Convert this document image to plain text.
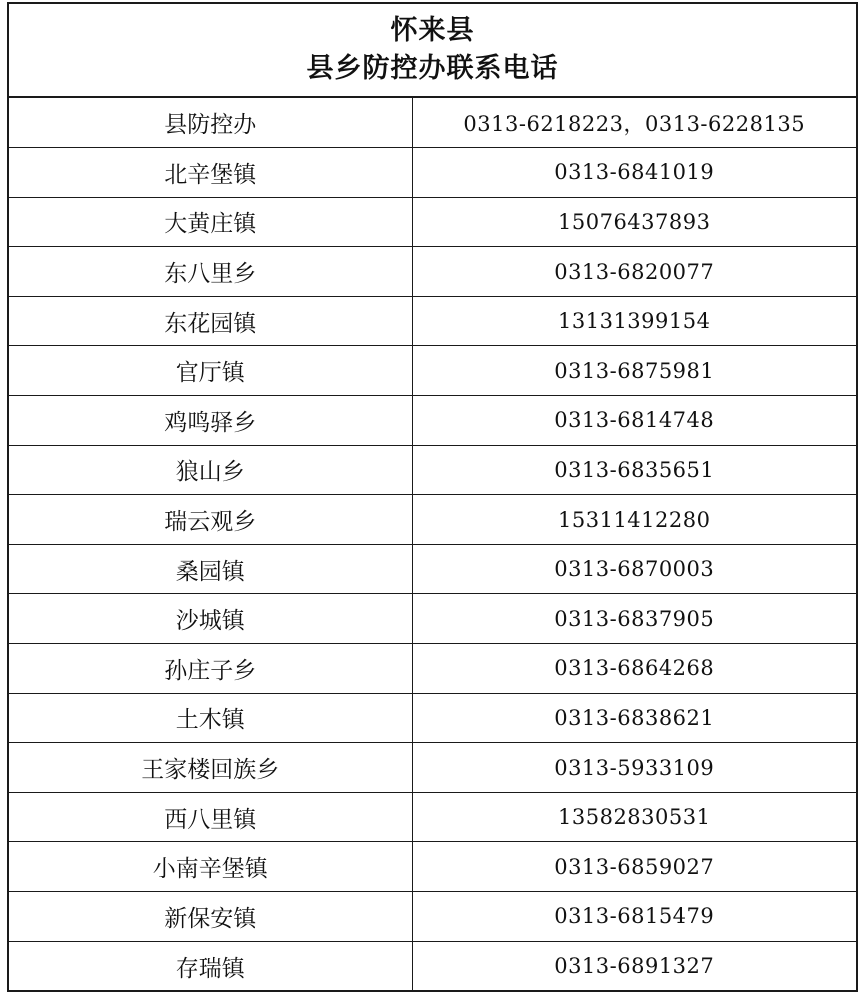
怀来县
县乡防控办联系电话
县防控办	0313-6218223，0313-6228135
北辛堡镇	0313-6841019
大黄庄镇	15076437893
东八里乡	0313-6820077
东花园镇	13131399154
官厅镇	0313-6875981
鸡鸣驿乡	0313-6814748
狼山乡	0313-6835651
瑞云观乡	15311412280
桑园镇	0313-6870003
沙城镇	0313-6837905
孙庄子乡	0313-6864268
土木镇	0313-6838621
王家楼回族乡	0313-5933109
西八里镇	13582830531
小南辛堡镇	0313-6859027
新保安镇	0313-6815479
存瑞镇	0313-6891327
